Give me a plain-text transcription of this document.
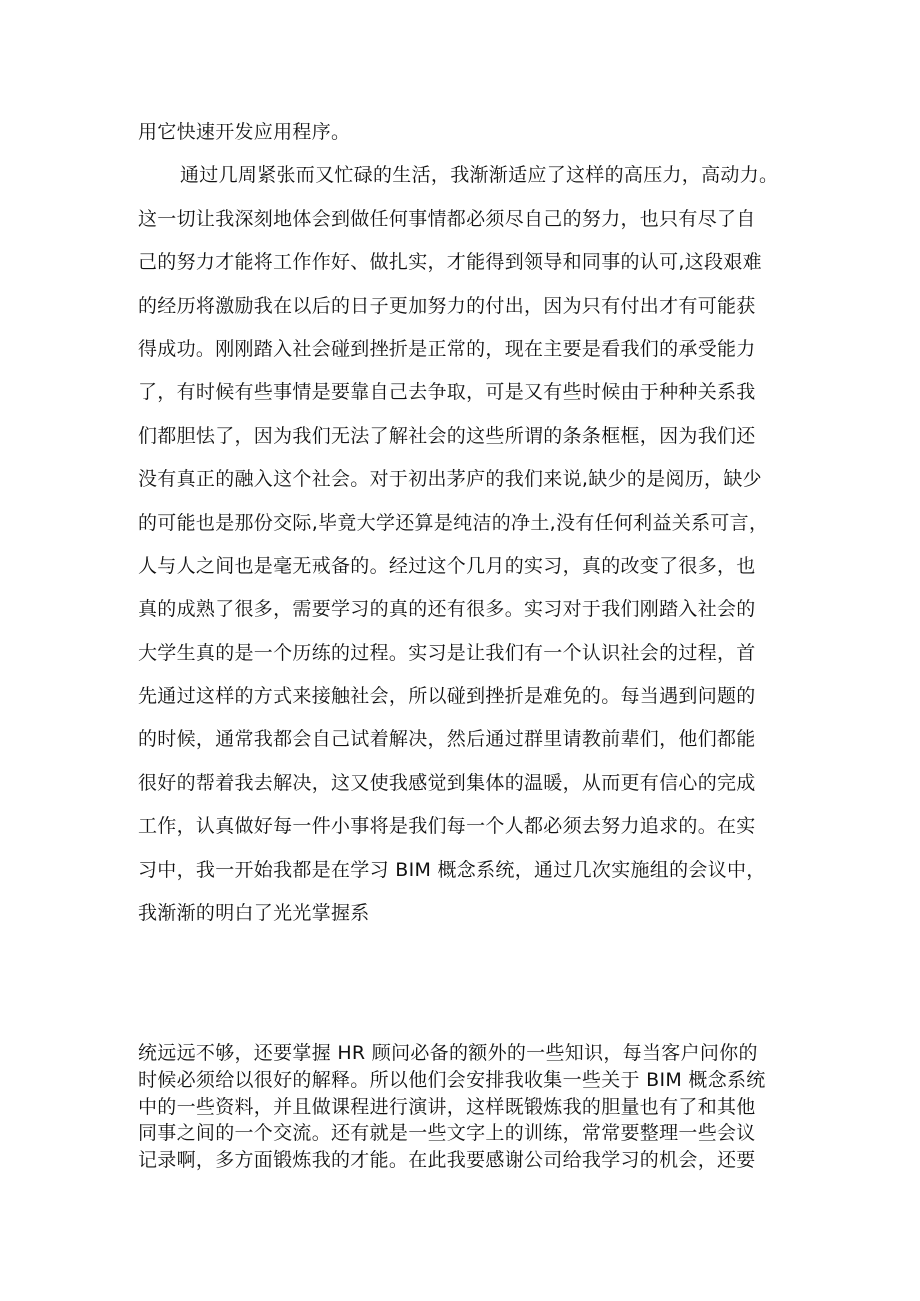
用它快速开发应用程序。
通过几周紧张而又忙碌的生活，我渐渐适应了这样的高压力，高动力。
这一切让我深刻地体会到做任何事情都必须尽自己的努力，也只有尽了自
己的努力才能将工作作好、做扎实，才能得到领导和同事的认可,这段艰难
的经历将激励我在以后的日子更加努力的付出，因为只有付出才有可能获
得成功。刚刚踏入社会碰到挫折是正常的，现在主要是看我们的承受能力
了，有时候有些事情是要靠自己去争取，可是又有些时候由于种种关系我
们都胆怯了，因为我们无法了解社会的这些所谓的条条框框，因为我们还
没有真正的融入这个社会。对于初出茅庐的我们来说,缺少的是阅历，缺少
的可能也是那份交际,毕竟大学还算是纯洁的净土,没有任何利益关系可言，
人与人之间也是毫无戒备的。经过这个几月的实习，真的改变了很多，也
真的成熟了很多，需要学习的真的还有很多。实习对于我们刚踏入社会的
大学生真的是一个历练的过程。实习是让我们有一个认识社会的过程，首
先通过这样的方式来接触社会，所以碰到挫折是难免的。每当遇到问题的
的时候，通常我都会自己试着解决，然后通过群里请教前辈们，他们都能
很好的帮着我去解决，这又使我感觉到集体的温暖，从而更有信心的完成
工作，认真做好每一件小事将是我们每一个人都必须去努力追求的。在实
习中，我一开始我都是在学习 BIM 概念系统，通过几次实施组的会议中，
我渐渐的明白了光光掌握系
统远远不够，还要掌握 HR 顾问必备的额外的一些知识，每当客户问你的
时候必须给以很好的解释。所以他们会安排我收集一些关于 BIM 概念系统
中的一些资料，并且做课程进行演讲，这样既锻炼我的胆量也有了和其他
同事之间的一个交流。还有就是一些文字上的训练，常常要整理一些会议
记录啊，多方面锻炼我的才能。在此我要感谢公司给我学习的机会，还要
